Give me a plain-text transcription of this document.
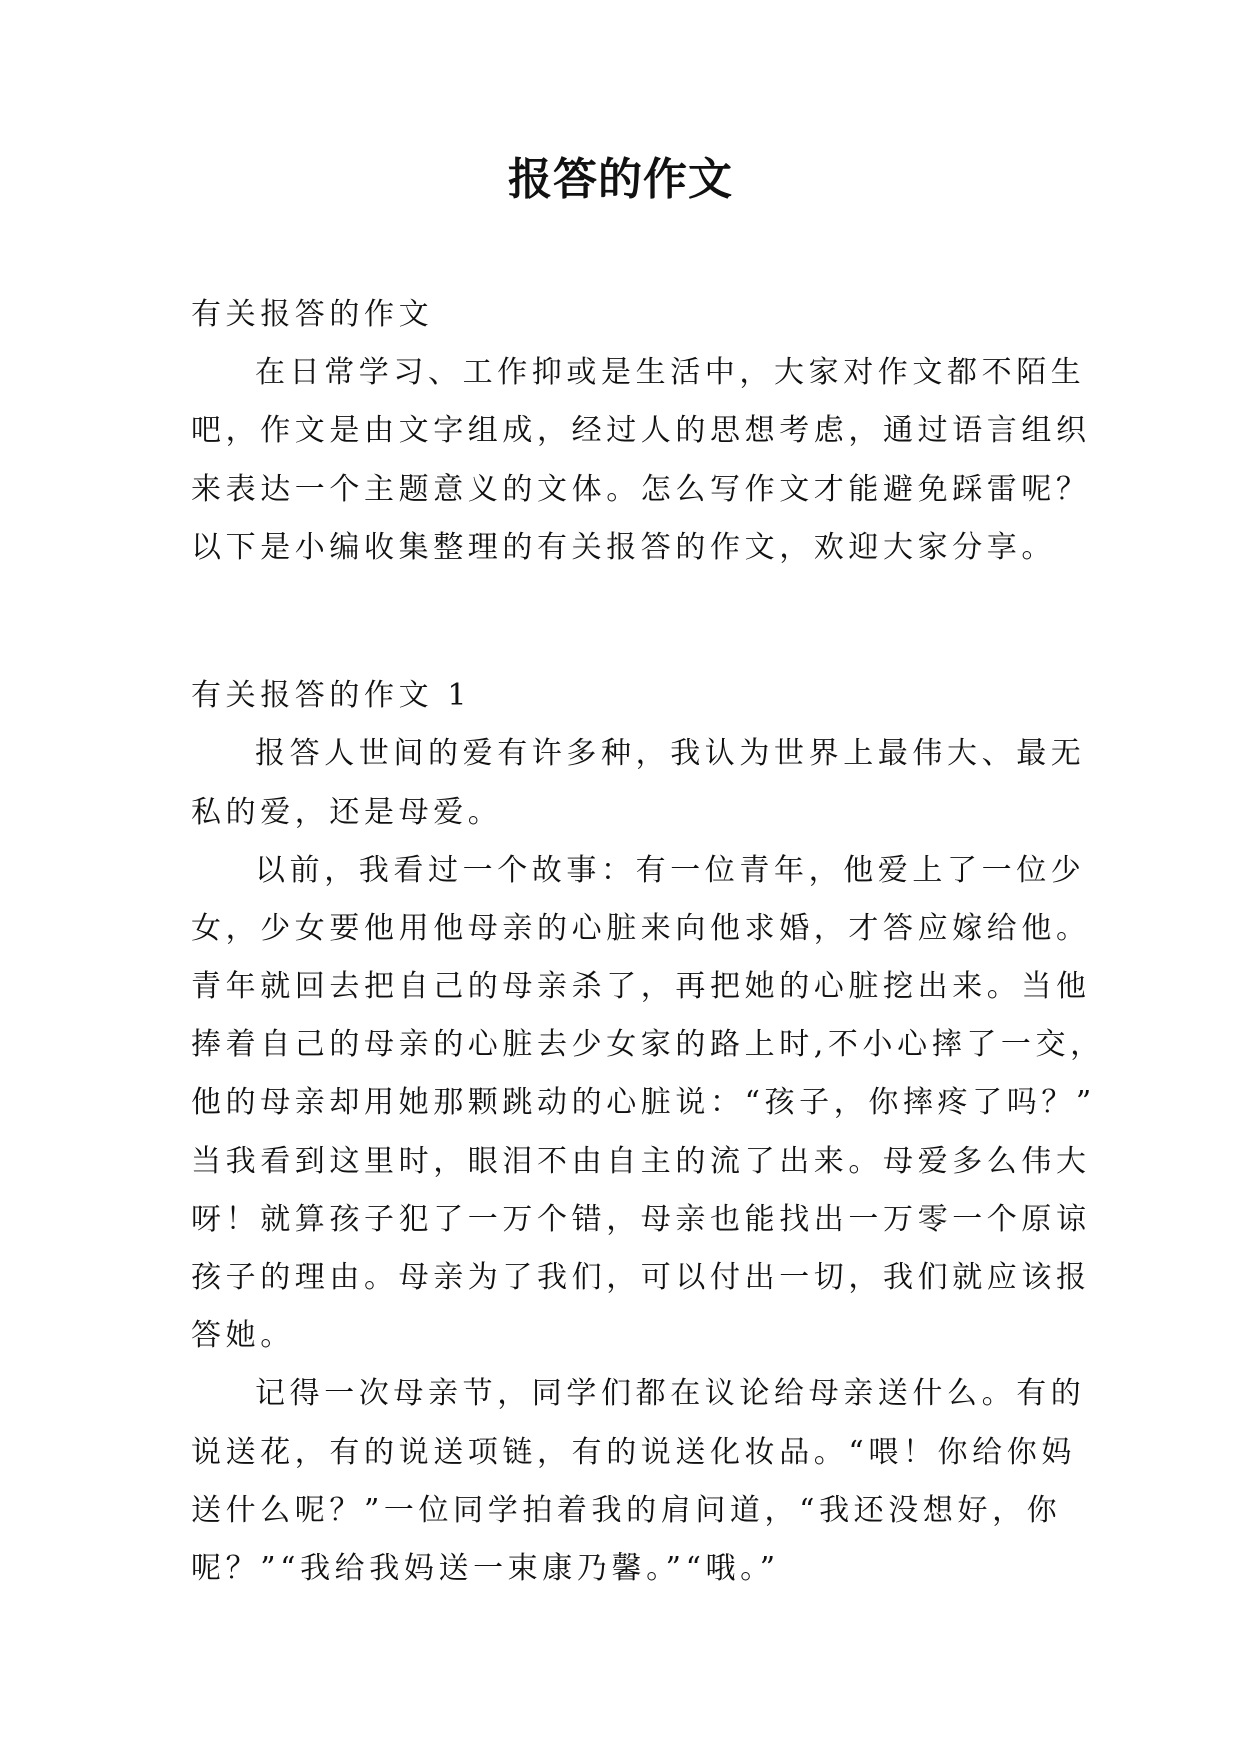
报答的作文

有关报答的作文

在日常学习、工作抑或是生活中，大家对作文都不陌生

吧，作文是由文字组成，经过人的思想考虑，通过语言组织

来表达一个主题意义的文体。怎么写作文才能避免踩雷呢？

以下是小编收集整理的有关报答的作文，欢迎大家分享。

有关报答的作文 1

报答人世间的爱有许多种，我认为世界上最伟大、最无

私的爱，还是母爱。

以前，我看过一个故事：有一位青年，他爱上了一位少

女，少女要他用他母亲的心脏来向他求婚，才答应嫁给他。

青年就回去把自己的母亲杀了，再把她的心脏挖出来。当他

捧着自己的母亲的心脏去少女家的路上时,不小心摔了一交，

他的母亲却用她那颗跳动的心脏说：“孩子，你摔疼了吗？”

当我看到这里时，眼泪不由自主的流了出来。母爱多么伟大

呀！就算孩子犯了一万个错，母亲也能找出一万零一个原谅

孩子的理由。母亲为了我们，可以付出一切，我们就应该报

答她。

记得一次母亲节，同学们都在议论给母亲送什么。有的

说送花，有的说送项链，有的说送化妆品。“喂！你给你妈

送什么呢？”一位同学拍着我的肩问道，“我还没想好，你

呢？”“我给我妈送一束康乃馨。”“哦。”
